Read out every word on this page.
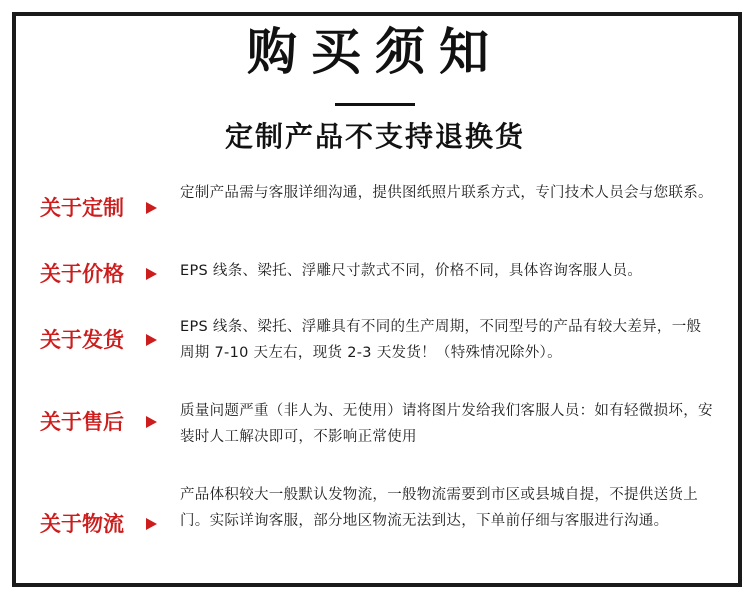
购买须知
定制产品不支持退换货
关于定制
定制产品需与客服详细沟通，提供图纸照片联系方式，专门技术人员会与您联系。
关于价格	EPS 线条、梁托、浮雕尺寸款式不同，价格不同，具体咨询客服人员。
关于发货
EPS 线条、梁托、浮雕具有不同的生产周期，不同型号的产品有较大差异，一般周期 7-10 天左右，现货 2-3 天发货！（特殊情况除外）。
关于售后	质量问题严重（非人为、无使用）请将图片发给我们客服人员：如有轻微损坏，安装时人工解决即可，不影响正常使用
关于物流
产品体积较大一般默认发物流，一般物流需要到市区或县城自提，不提供送货上门。实际详询客服，部分地区物流无法到达，下单前仔细与客服进行沟通。
